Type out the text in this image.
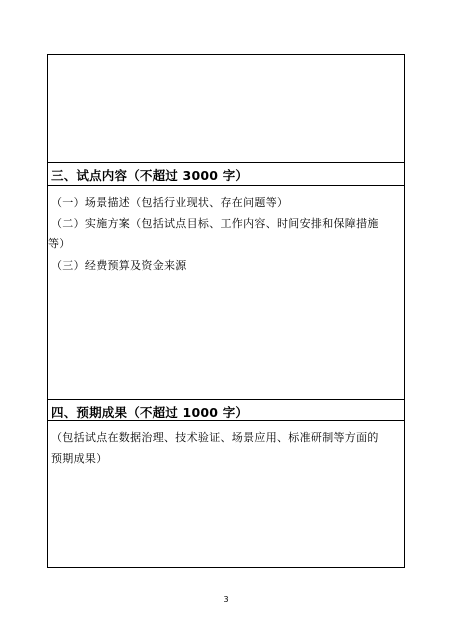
三、试点内容（不超过 3000 字）
（一）场景描述（包括行业现状、存在问题等）
（二）实施方案（包括试点目标、工作内容、时间安排和保障措施
等）
（三）经费预算及资金来源
四、预期成果（不超过 1000 字）
（包括试点在数据治理、技术验证、场景应用、标准研制等方面的
预期成果）
3
